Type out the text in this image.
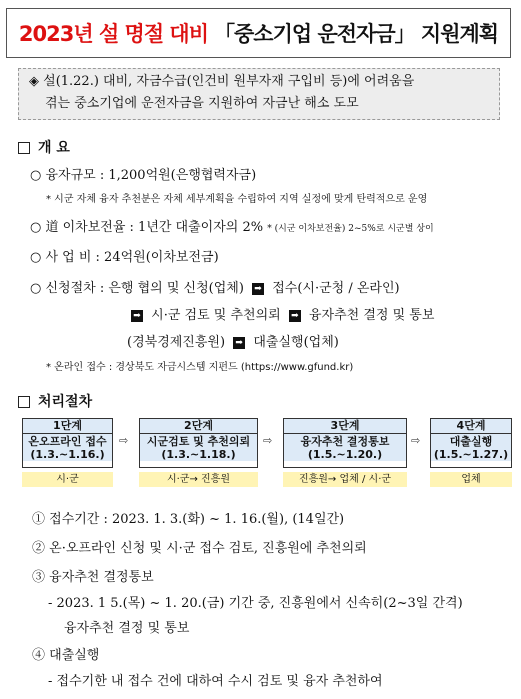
2023년 설 명절 대비 「중소기업 운전자금」 지원계획
◈ 설(1.22.) 대비, 자금수급(인건비 원부자재 구입비 등)에 어려움을
겪는 중소기업에 운전자금을 지원하여 자금난 해소 도모
개 요
○ 융자규모 : 1,200억원(은행협력자금)
* 시군 자체 융자 추천분은 자체 세부계획을 수립하여 지역 실정에 맞게 탄력적으로 운영
○ 道 이차보전율 : 1년간 대출이자의 2% * (시군 이차보전율) 2~5%로 시군별 상이
○ 사 업 비 : 24억원(이차보전금)
○ 신청절차 : 은행 협의 및 신청(업체) ➡ 접수(시·군청 / 온라인)
➡ 시·군 검토 및 추천의뢰 ➡ 융자추천 결정 및 통보
(경북경제진흥원) ➡ 대출실행(업체)
* 온라인 접수 : 경상북도 자금시스템 지펀드 (https://www.gfund.kr)
처리절차
1단계
온오프라인 접수
(1.3.~1.16.)
⇨
2단계
시군검토 및 추천의뢰
(1.3.~1.18.)
⇨
3단계
융자추천 결정통보
(1.5.~1.20.)
⇨
4단계
대출실행
(1.5.~1.27.)
시·군	시·군→ 진흥원	진흥원→ 업체 / 시·군	업체
① 접수기간 : 2023. 1. 3.(화) ~ 1. 16.(월), (14일간)
② 온·오프라인 신청 및 시·군 접수 검토, 진흥원에 추천의뢰
③ 융자추천 결정통보
- 2023. 1 5.(목) ~ 1. 20.(금) 기간 중, 진흥원에서 신속히(2~3일 간격)
융자추천 결정 및 통보
④ 대출실행
- 접수기한 내 접수 건에 대하여 수시 검토 및 융자 추천하여
